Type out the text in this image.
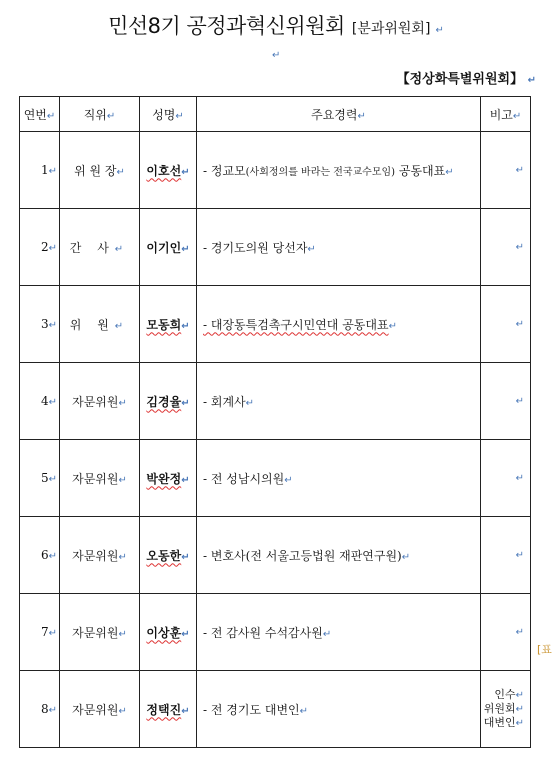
민선8기 공정과혁신위원회 [분과위원회] ↵
↵
【정상화특별위원회】 ↵
연번↵	직위↵	성명↵	주요경력↵	비고↵
1↵	위 원 장↵	이호선↵	- 정교모(사회정의를 바라는 전국교수모임) 공동대표↵	↵
2↵	간 사↵	이기인↵	- 경기도의원 당선자↵	↵
3↵	위 원↵	모동희↵	- 대장동특검촉구시민연대 공동대표↵	↵
4↵	자문위원↵	김경율↵	- 회계사↵	↵
5↵	자문위원↵	박완정↵	- 전 성남시의원↵	↵
6↵	자문위원↵	오동한↵	- 변호사(전 서울고등법원 재판연구원)↵	↵
7↵	자문위원↵	이상훈↵	- 전 감사원 수석감사원↵	↵
8↵	자문위원↵	정택진↵	- 전 경기도 대변인↵	인수↵
위원회↵
대변인↵
[표
